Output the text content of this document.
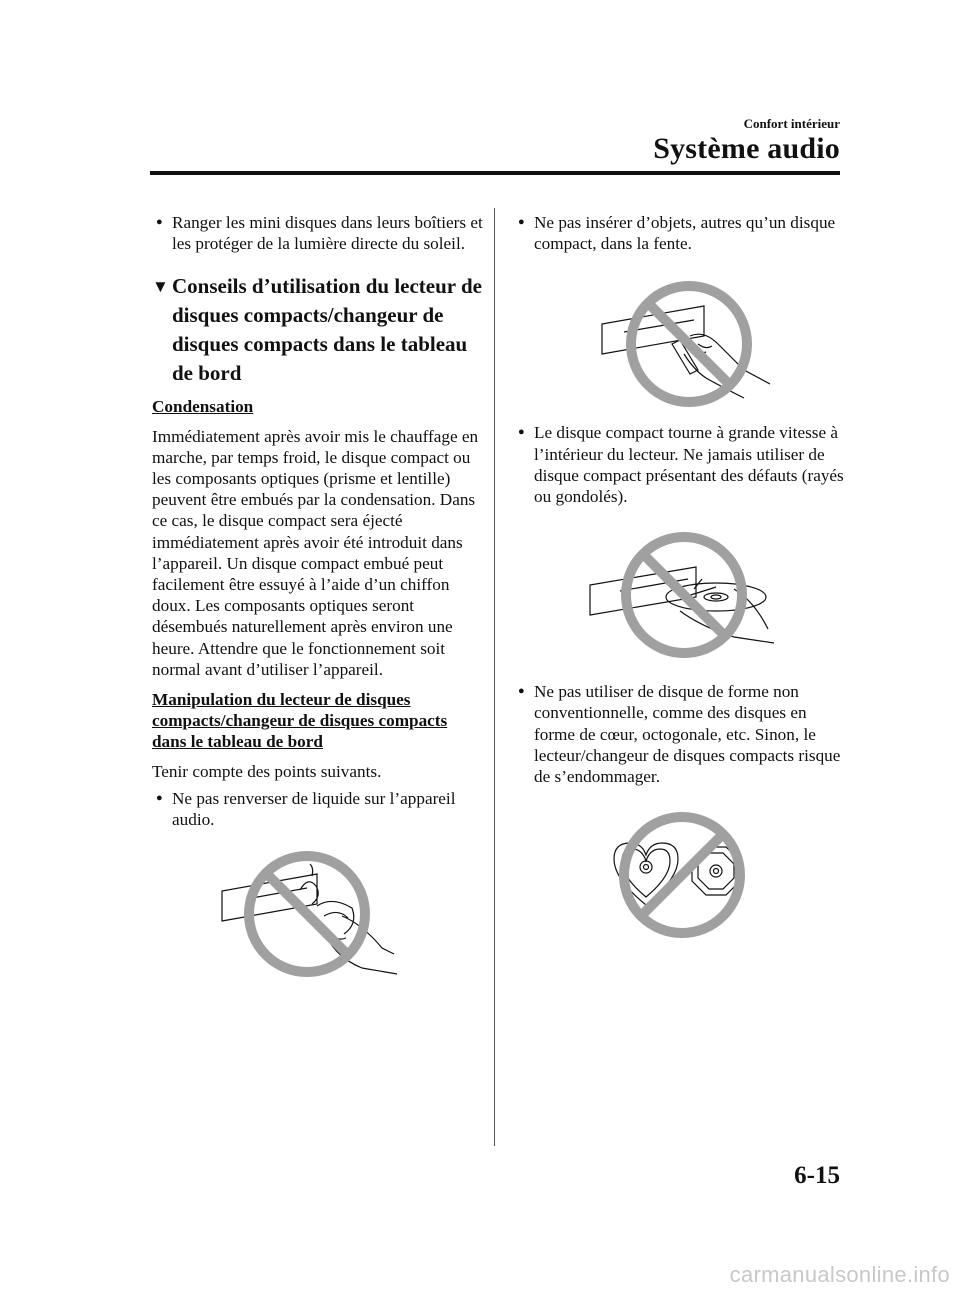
Confort intérieur
Système audio
● Ranger les mini disques dans leurs boîtiers et les protéger de la lumière directe du soleil.
▼ Conseils d’utilisation du lecteur de disques compacts/changeur de disques compacts dans le tableau de bord

Condensation

Immédiatement après avoir mis le chauffage en marche, par temps froid, le disque compact ou les composants optiques (prisme et lentille) peuvent être embués par la condensation. Dans ce cas, le disque compact sera éjecté immédiatement après avoir été introduit dans l’appareil. Un disque compact embué peut facilement être essuyé à l’aide d’un chiffon doux. Les composants optiques seront désembués naturellement après environ une heure. Attendre que le fonctionnement soit normal avant d’utiliser l’appareil.

Manipulation du lecteur de disques compacts/changeur de disques compacts dans le tableau de bord

Tenir compte des points suivants.

● Ne pas renverser de liquide sur l’appareil audio.
● Ne pas insérer d’objets, autres qu’un disque compact, dans la fente.
● Le disque compact tourne à grande vitesse à l’intérieur du lecteur. Ne jamais utiliser de disque compact présentant des défauts (rayés ou gondolés).
● Ne pas utiliser de disque de forme non conventionnelle, comme des disques en forme de cœur, octogonale, etc. Sinon, le lecteur/changeur de disques compacts risque de s’endommager.
6-15
carmanualsonline.info
